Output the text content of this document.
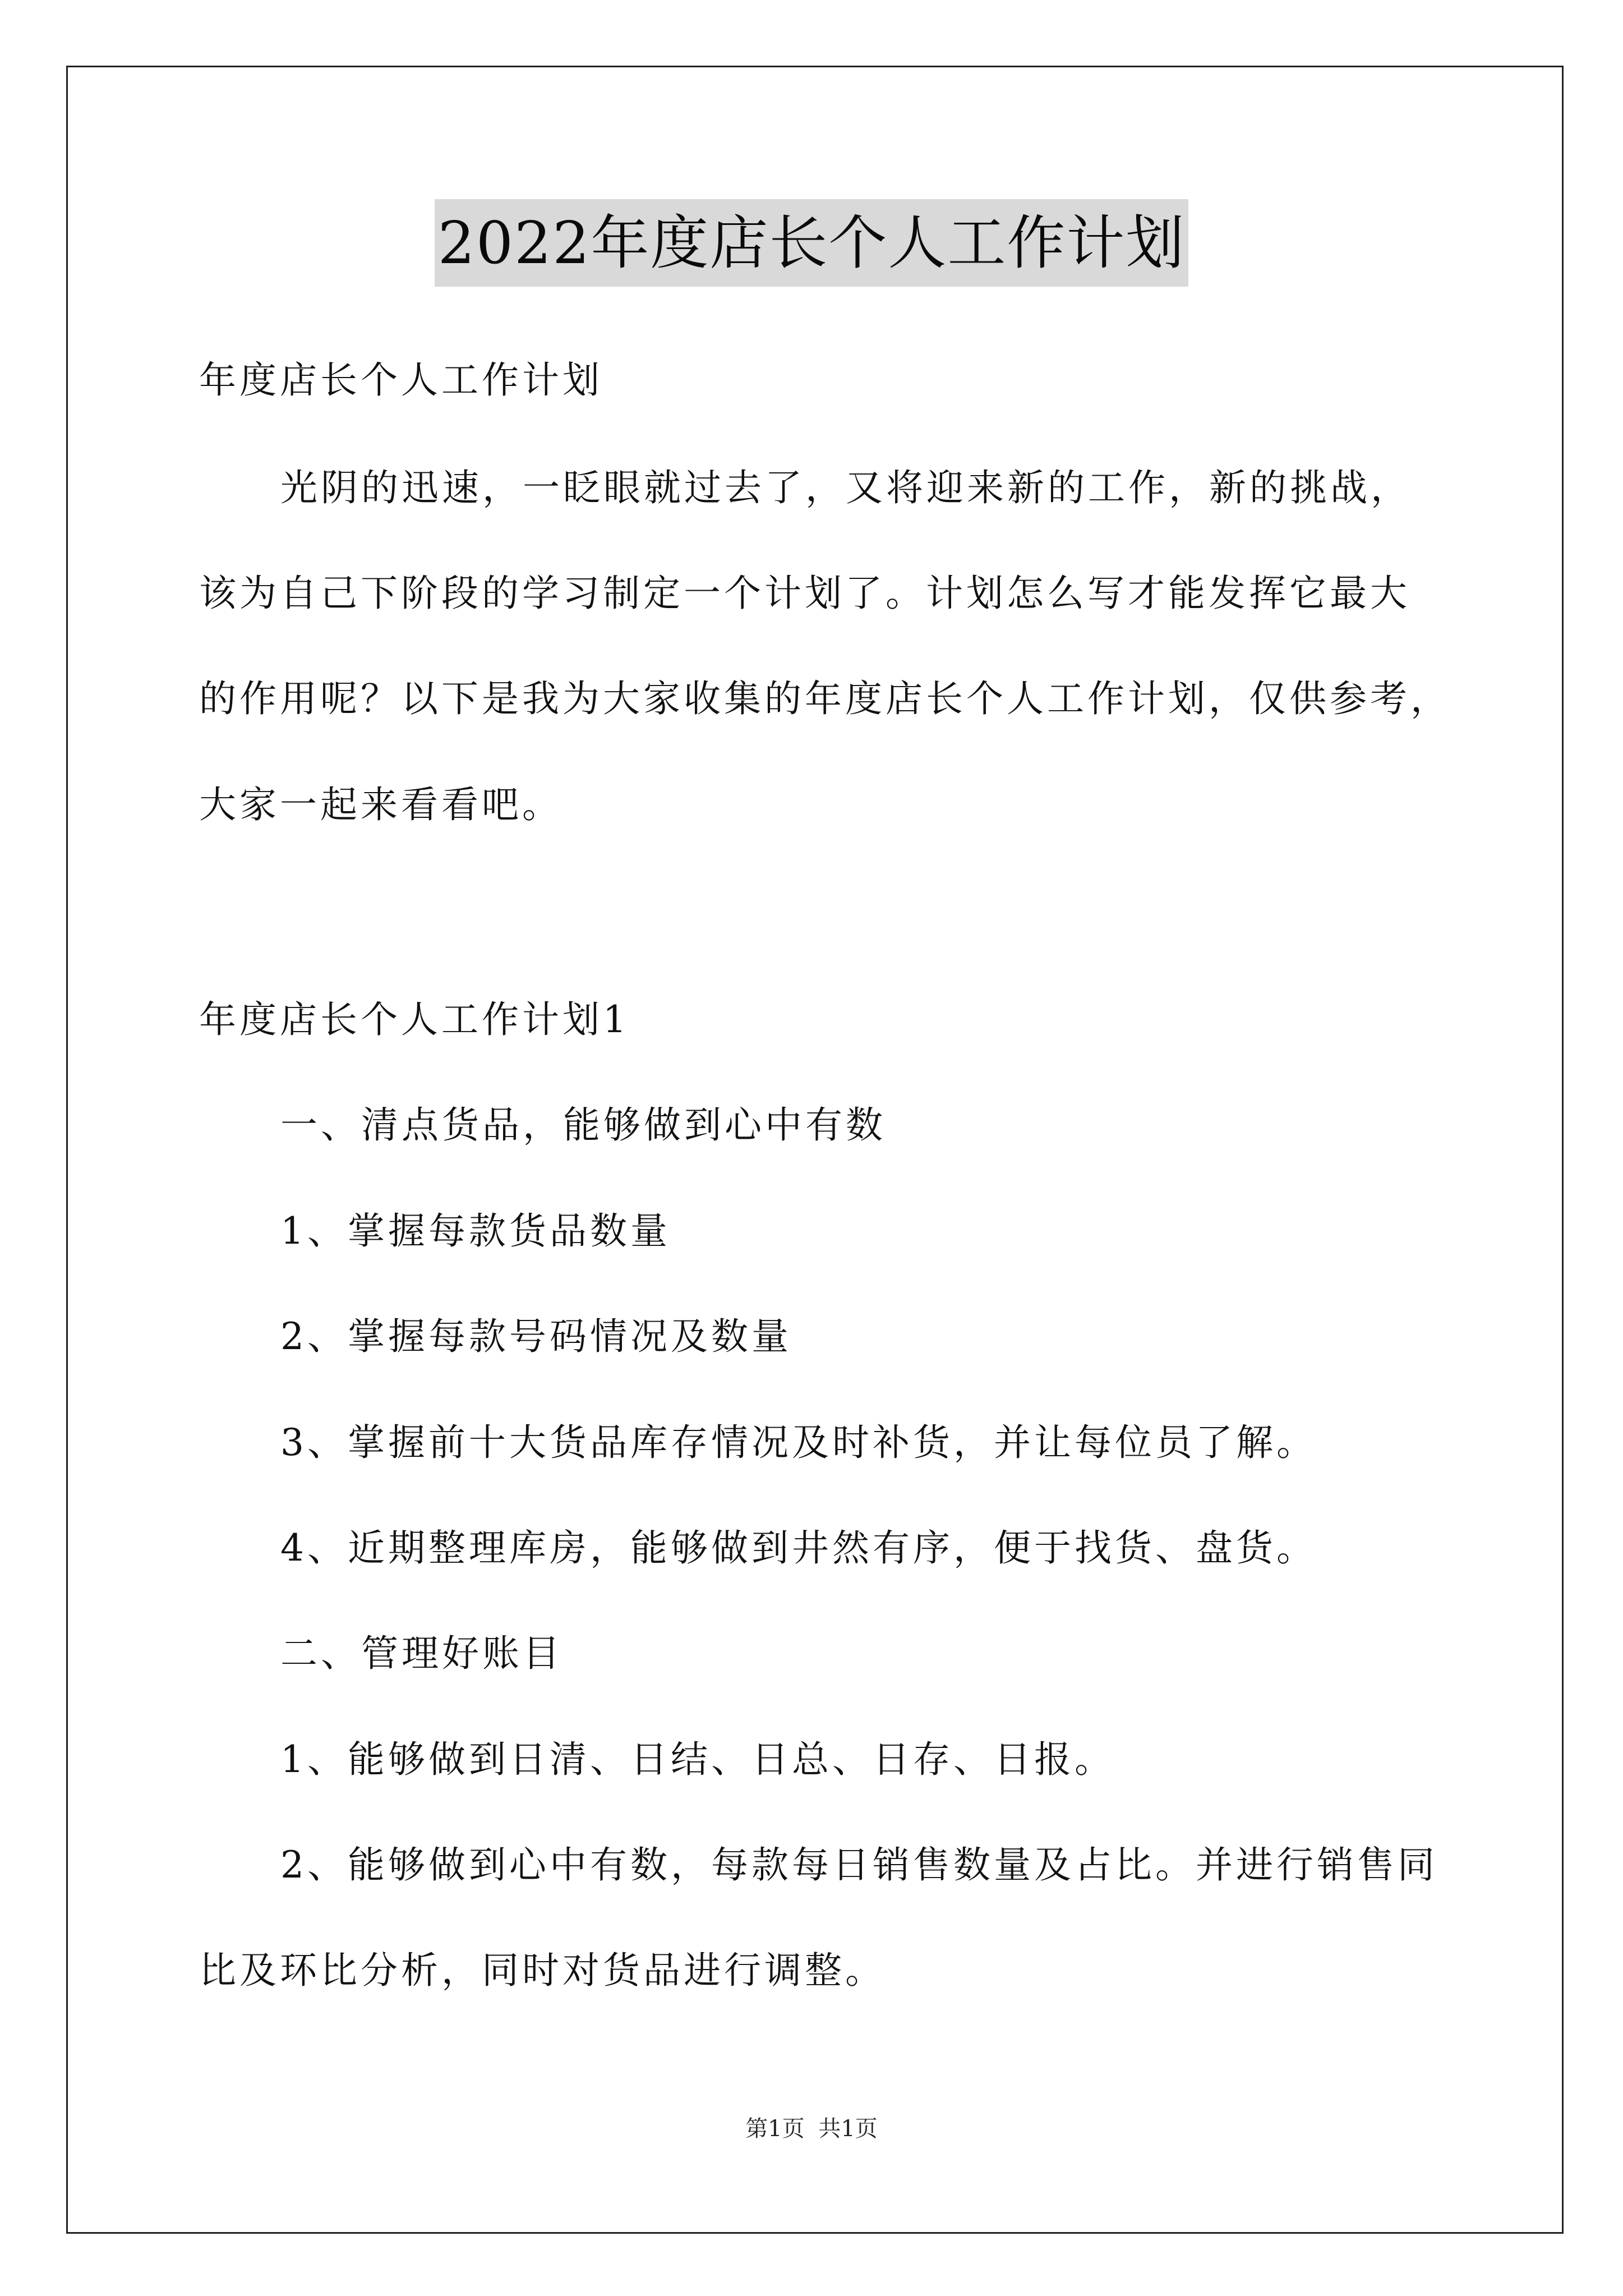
2022年度店长个人工作计划
年度店长个人工作计划
光阴的迅速，一眨眼就过去了，又将迎来新的工作，新的挑战，
该为自己下阶段的学习制定一个计划了。计划怎么写才能发挥它最大
的作用呢？以下是我为大家收集的年度店长个人工作计划，仅供参考，
大家一起来看看吧。
年度店长个人工作计划1
一、清点货品，能够做到心中有数
1、掌握每款货品数量
2、掌握每款号码情况及数量
3、掌握前十大货品库存情况及时补货，并让每位员了解。
4、近期整理库房，能够做到井然有序，便于找货、盘货。
二、管理好账目
1、能够做到日清、日结、日总、日存、日报。
2、能够做到心中有数，每款每日销售数量及占比。并进行销售同
比及环比分析，同时对货品进行调整。
第1页 共1页
